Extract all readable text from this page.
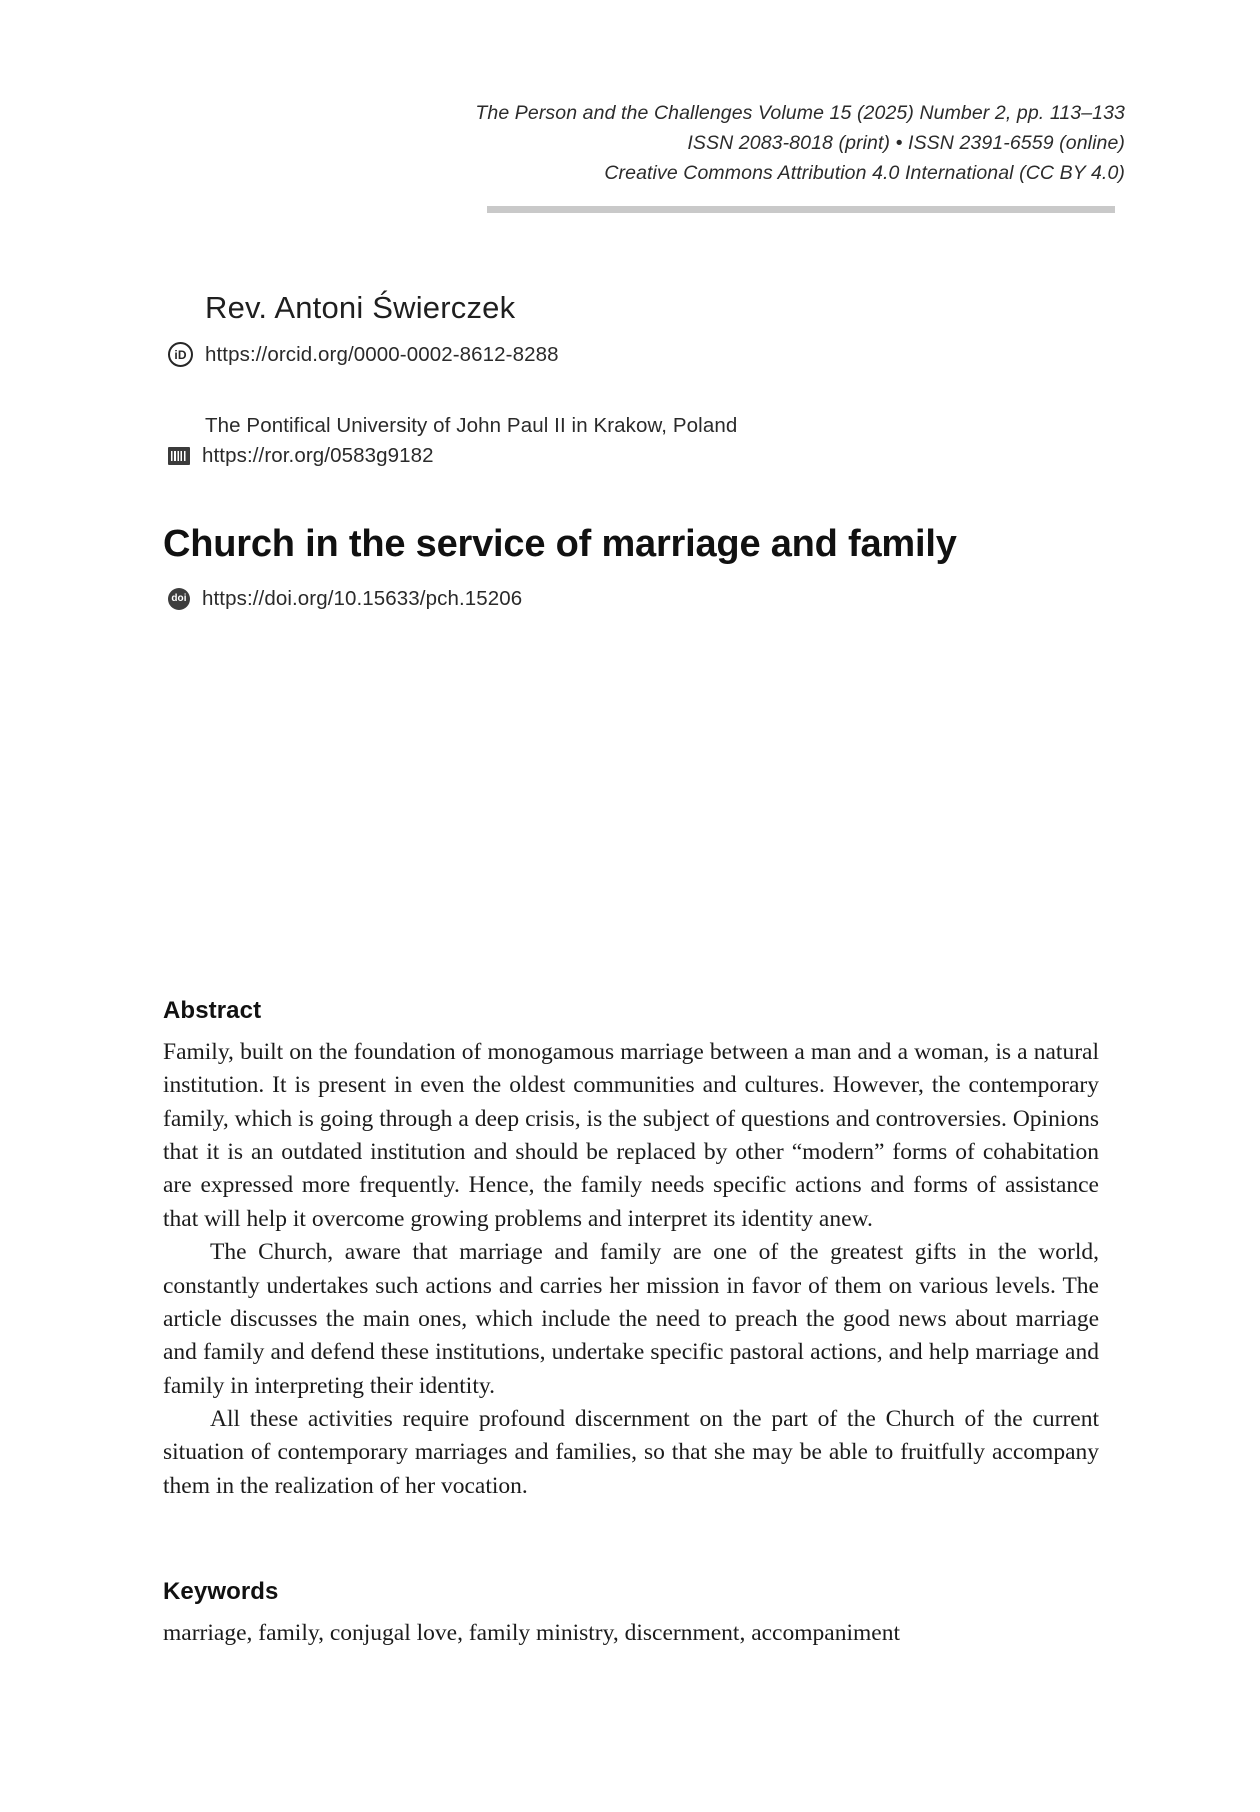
The Person and the Challenges Volume 15 (2025) Number 2, pp. 113–133
ISSN 2083-8018 (print) • ISSN 2391-6559 (online)
Creative Commons Attribution 4.0 International (CC BY 4.0)
Rev. Antoni Świerczek
iD
https://orcid.org/0000-0002-8612-8288
The Pontifical University of John Paul II in Krakow, Poland
https://ror.org/0583g9182
Church in the service of marriage and family
doi
https://doi.org/10.15633/pch.15206
Abstract

Family, built on the foundation of monogamous marriage between a man and a woman, is a natural institution. It is present in even the oldest communities and cultures. However, the contemporary family, which is going through a deep crisis, is the subject of questions and controversies. Opinions that it is an outdated institution and should be replaced by other “modern” forms of cohabitation are expressed more frequently. Hence, the family needs specific actions and forms of assistance that will help it overcome growing problems and interpret its identity anew.

The Church, aware that marriage and family are one of the greatest gifts in the world, constantly undertakes such actions and carries her mission in favor of them on various levels. The article discusses the main ones, which include the need to preach the good news about marriage and family and defend these institutions, undertake specific pastoral actions, and help marriage and family in interpreting their identity.

All these activities require profound discernment on the part of the Church of the current situation of contemporary marriages and families, so that she may be able to fruitfully accompany them in the realization of her vocation.

Keywords
marriage, family, conjugal love, family ministry, discernment, accompaniment
